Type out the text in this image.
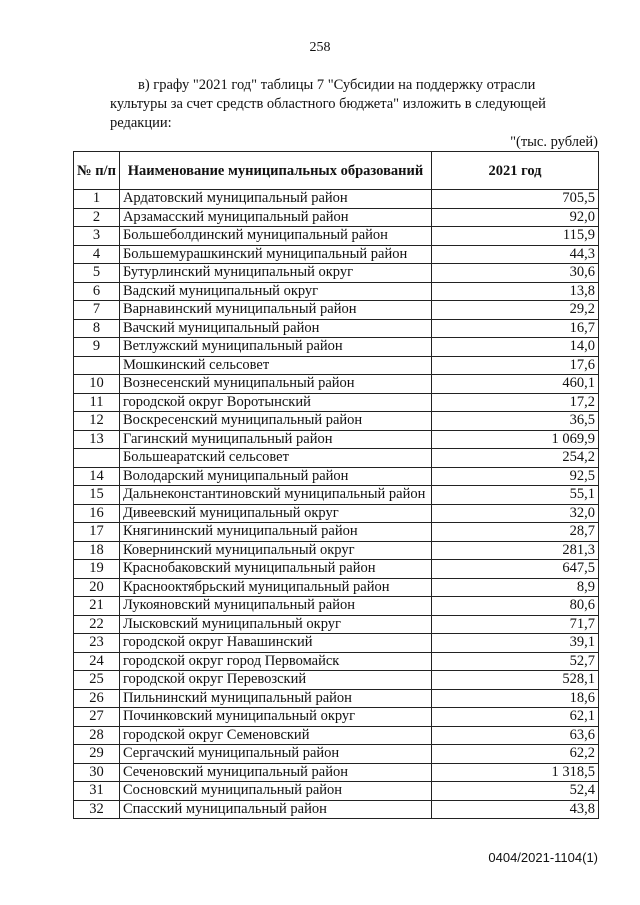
258
в) графу "2021 год" таблицы 7 "Субсидии на поддержку отрасли
культуры за счет средств областного бюджета" изложить в следующей
редакции:
"(тыс. рублей)
№ п/п	Наименование муниципальных образований	2021 год
1	Ардатовский муниципальный район	705,5
2	Арзамасский муниципальный район	92,0
3	Большеболдинский муниципальный район	115,9
4	Большемурашкинский муниципальный район	44,3
5	Бутурлинский муниципальный округ	30,6
6	Вадский муниципальный округ	13,8
7	Варнавинский муниципальный район	29,2
8	Вачский муниципальный район	16,7
9	Ветлужский муниципальный район	14,0
	Мошкинский сельсовет	17,6
10	Вознесенский муниципальный район	460,1
11	городской округ Воротынский	17,2
12	Воскресенский муниципальный район	36,5
13	Гагинский муниципальный район	1 069,9
	Большеаратский сельсовет	254,2
14	Володарский муниципальный район	92,5
15	Дальнеконстантиновский муниципальный район	55,1
16	Дивеевский муниципальный округ	32,0
17	Княгининский муниципальный район	28,7
18	Ковернинский муниципальный округ	281,3
19	Краснобаковский муниципальный район	647,5
20	Краснооктябрьский муниципальный район	8,9
21	Лукояновский муниципальный район	80,6
22	Лысковский муниципальный округ	71,7
23	городской округ Навашинский	39,1
24	городской округ город Первомайск	52,7
25	городской округ Перевозский	528,1
26	Пильнинский муниципальный район	18,6
27	Починковский муниципальный округ	62,1
28	городской округ Семеновский	63,6
29	Сергачский муниципальный район	62,2
30	Сеченовский муниципальный район	1 318,5
31	Сосновский муниципальный район	52,4
32	Спасский муниципальный район	43,8
0404/2021-1104(1)
